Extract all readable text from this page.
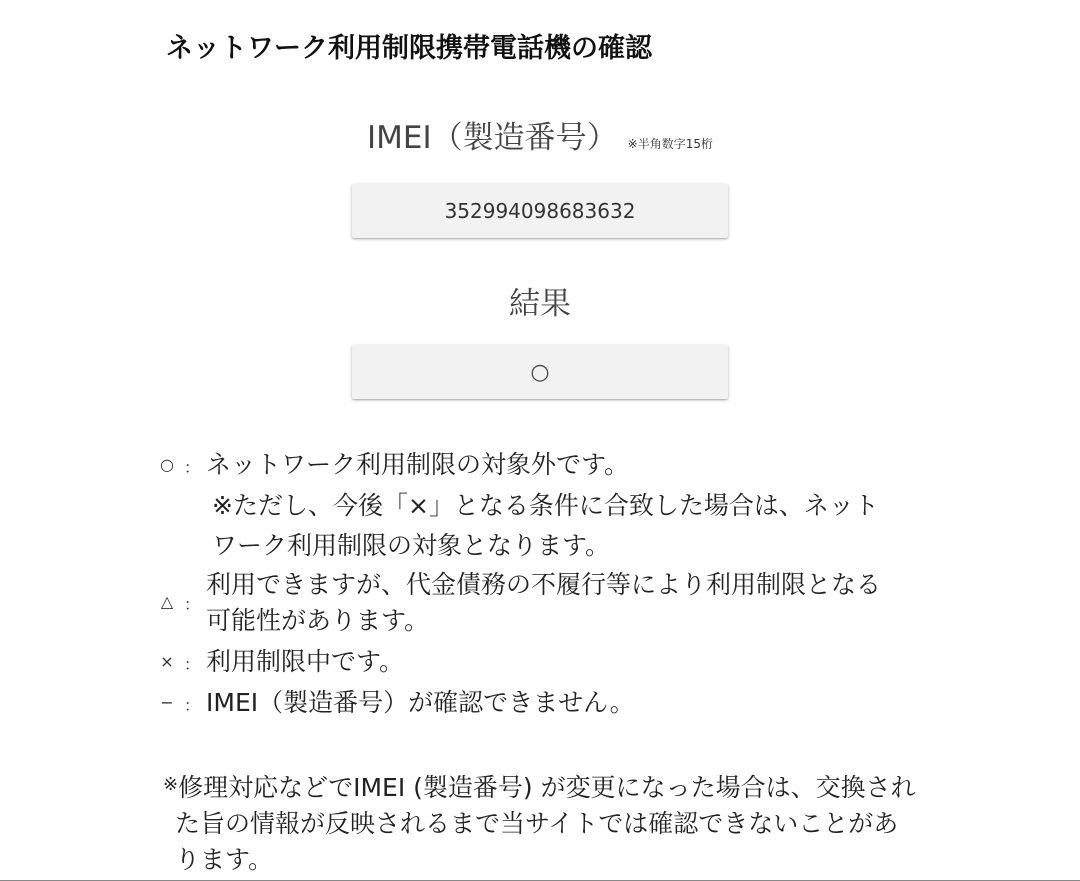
ネットワーク利用制限携帯電話機の確認
IMEI（製造番号） ※半角数字15桁
352994098683632
結果
○
○ ： ネットワーク利用制限の対象外です。
※ただし、今後「×」となる条件に合致した場合は、ネット
ワーク利用制限の対象となります。
△ ：
利用できますが、代金債務の不履行等により利用制限となる
可能性があります。
× ： 利用制限中です。
− ： IMEI（製造番号）が確認できません。
※修理対応などでIMEI (製造番号) が変更になった場合は、交換され
た旨の情報が反映されるまで当サイトでは確認できないことがあ
ります。
